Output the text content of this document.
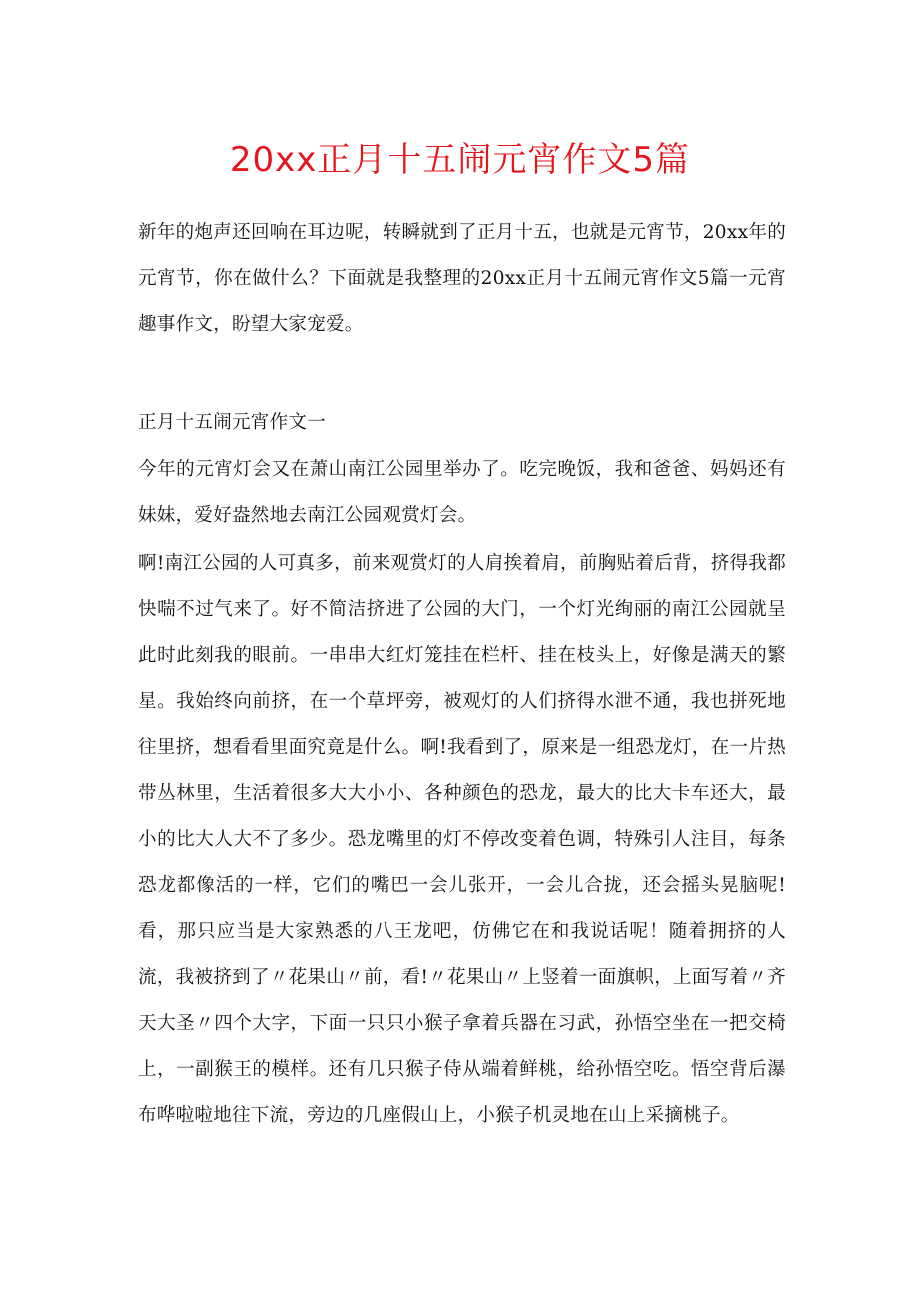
20xx正月十五闹元宵作文5篇

新年的炮声还回响在耳边呢，转瞬就到了正月十五，也就是元宵节，20xx年的元宵节，你在做什么？下面就是我整理的20xx正月十五闹元宵作文5篇一元宵趣事作文，盼望大家宠爱。

正月十五闹元宵作文一

今年的元宵灯会又在萧山南江公园里举办了。吃完晚饭，我和爸爸、妈妈还有妹妹，爱好盎然地去南江公园观赏灯会。

啊!南江公园的人可真多，前来观赏灯的人肩挨着肩，前胸贴着后背，挤得我都快喘不过气来了。好不简洁挤进了公园的大门，一个灯光绚丽的南江公园就呈此时此刻我的眼前。一串串大红灯笼挂在栏杆、挂在枝头上，好像是满天的繁星。我始终向前挤，在一个草坪旁，被观灯的人们挤得水泄不通，我也拼死地往里挤，想看看里面究竟是什么。啊!我看到了，原来是一组恐龙灯，在一片热带丛林里，生活着很多大大小小、各种颜色的恐龙，最大的比大卡车还大，最小的比大人大不了多少。恐龙嘴里的灯不停改变着色调，特殊引人注目，每条恐龙都像活的一样，它们的嘴巴一会儿张开，一会儿合拢，还会摇头晃脑呢!看，那只应当是大家熟悉的八王龙吧，仿佛它在和我说话呢！随着拥挤的人流，我被挤到了〃花果山〃前，看!〃花果山〃上竖着一面旗帜，上面写着〃齐天大圣〃四个大字，下面一只只小猴子拿着兵器在习武，孙悟空坐在一把交椅上，一副猴王的模样。还有几只猴子侍从端着鲜桃，给孙悟空吃。悟空背后瀑布哗啦啦地往下流，旁边的几座假山上，小猴子机灵地在山上采摘桃子。
